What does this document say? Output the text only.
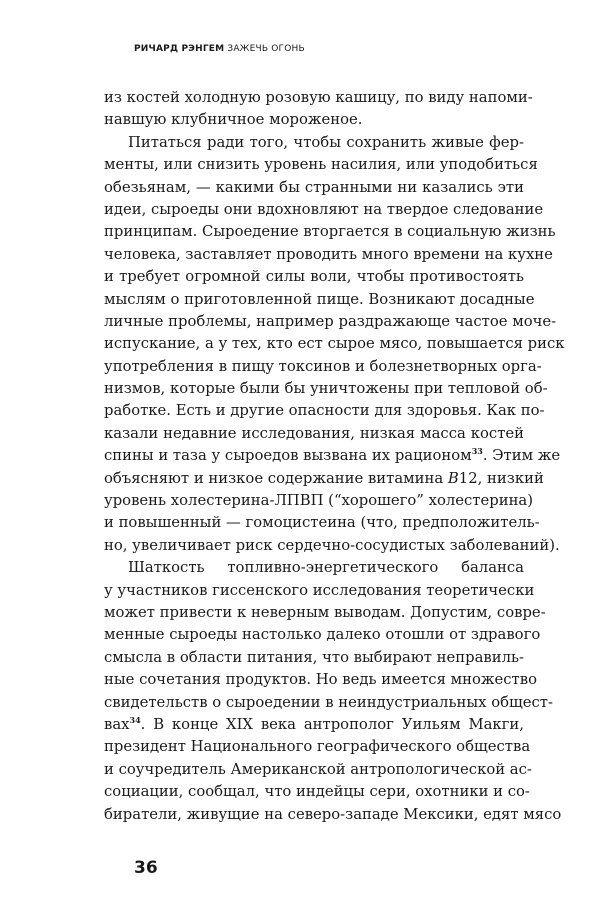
РИЧАРД РЭНГЕМ ЗАЖЕЧЬ ОГОНЬ
из костей холодную розовую кашицу, по виду напоми-
навшую клубничное мороженое.
Питаться ради того, чтобы сохранить живые фер-
менты, или снизить уровень насилия, или уподобиться
обезьянам, — какими бы странными ни казались эти
идеи, сыроеды они вдохновляют на твердое следование
принципам. Сыроедение вторгается в социальную жизнь
человека, заставляет проводить много времени на кухне
и требует огромной силы воли, чтобы противостоять
мыслям о приготовленной пище. Возникают досадные
личные проблемы, например раздражающе частое моче-
испускание, а у тех, кто ест сырое мясо, повышается риск
употребления в пищу токсинов и болезнетворных орга-
низмов, которые были бы уничтожены при тепловой об-
работке. Есть и другие опасности для здоровья. Как по-
казали недавние исследования, низкая масса костей
спины и таза у сыроедов вызвана их рационом$^{33}$. Этим же
объясняют и низкое содержание витамина B12, низкий
уровень холестерина-ЛПВП (“хорошего” холестерина)
и повышенный — гомоцистеина (что, предположитель-
но, увеличивает риск сердечно-сосудистых заболеваний).
Шаткость топливно-энергетического баланса
у участников гиссенского исследования теоретически
может привести к неверным выводам. Допустим, совре-
менные сыроеды настолько далеко отошли от здравого
смысла в области питания, что выбирают неправиль-
ные сочетания продуктов. Но ведь имеется множество
свидетельств о сыроедении в неиндустриальных общест-
вах$^{34}$. В конце XIX века антрополог Уильям Макги,
президент Национального географического общества
и соучредитель Американской антропологической ас-
социации, сообщал, что индейцы сери, охотники и со-
биратели, живущие на северо-западе Мексики, едят мясо
36
